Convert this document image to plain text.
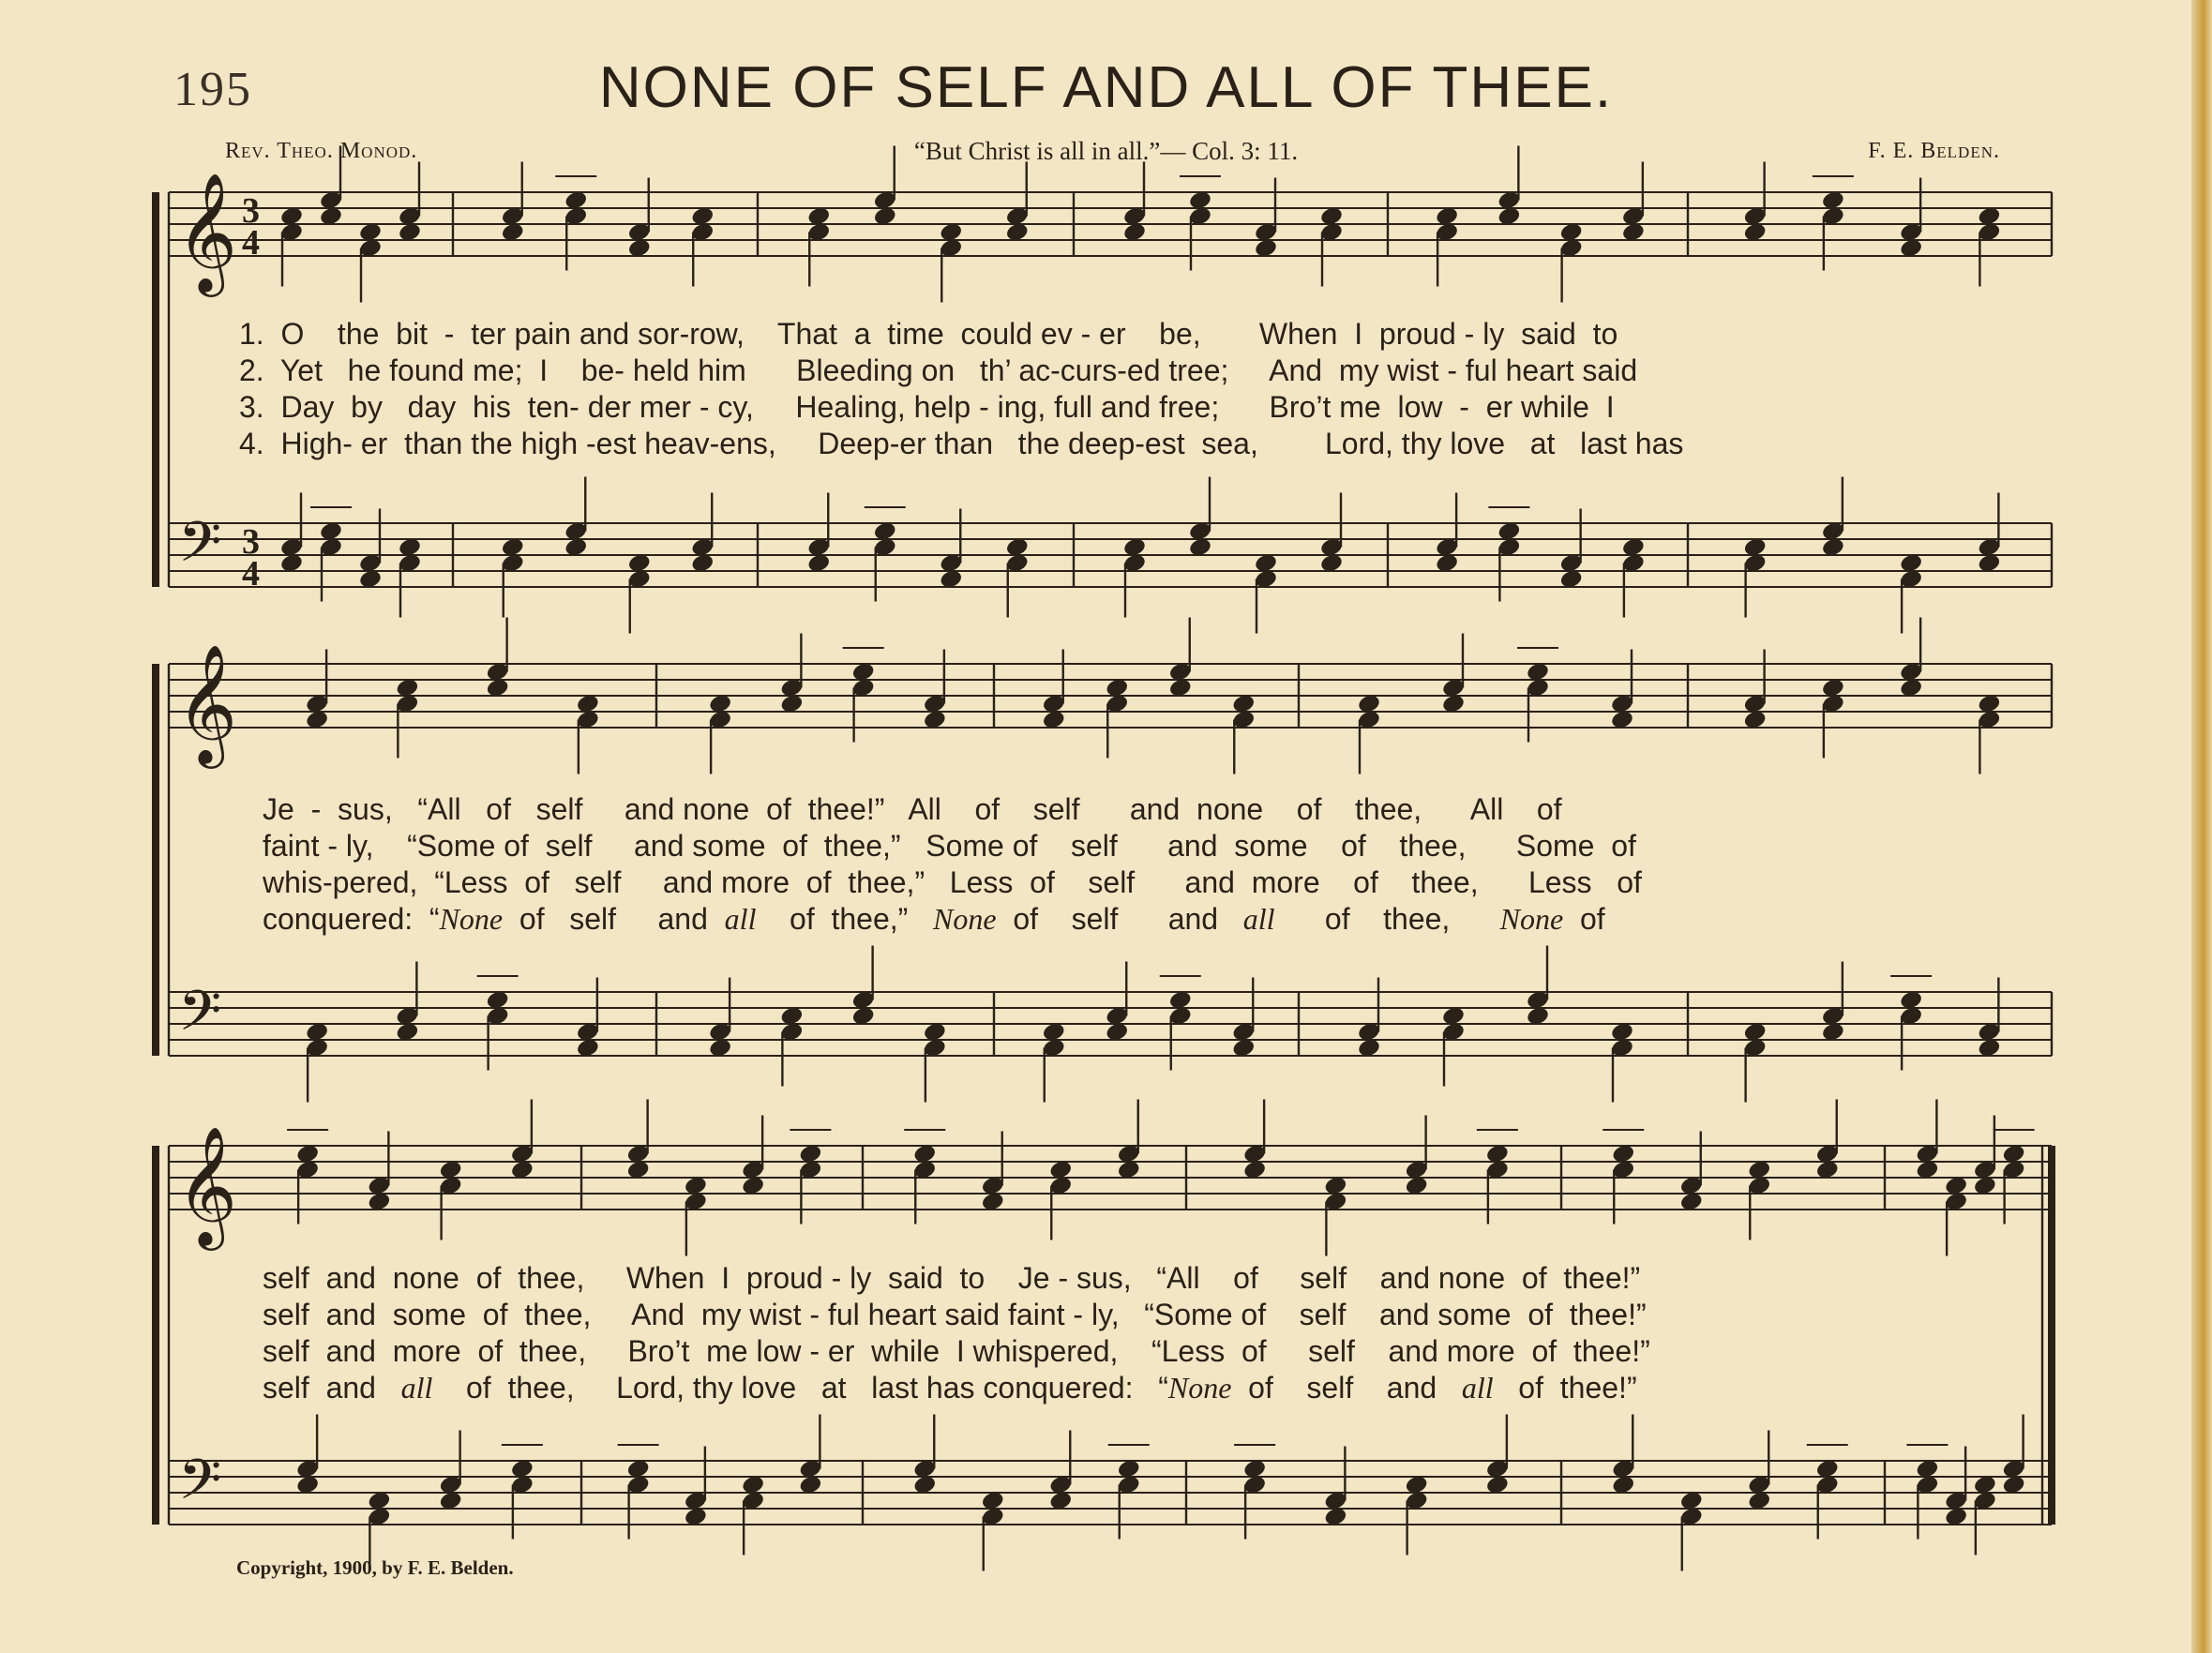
195	NONE OF SELF AND ALL OF THEE.
Rev. Theo. Monod.	“But Christ is all in all.”— Col. 3: 11.	F. E. Belden.
𝄞
𝄢
3
4
3
4
𝄞
𝄢
𝄞
𝄢
1.  O    the  bit  -  ter pain and sor-row,    That  a  time  could ev - er    be,       When  I  proud - ly  said  to
2.  Yet   he found me;  I    be- held him      Bleeding on   th’ ac-curs-ed tree;     And  my wist - ful heart said
3.  Day  by   day  his  ten- der mer - cy,     Healing, help - ing, full and free;      Bro’t me  low  -  er while  I
4.  High- er  than the high -est heav-ens,     Deep-er than   the deep-est  sea,        Lord, thy love   at   last has
Je  -  sus,   “All   of   self     and none  of  thee!”   All    of    self      and  none    of    thee,      All    of
faint - ly,    “Some of  self     and some  of  thee,”   Some of    self      and  some    of    thee,      Some  of
whis-pered,  “Less  of   self     and more  of  thee,”   Less  of    self      and  more    of    thee,      Less   of
conquered:  “None  of   self     and  all    of  thee,”   None  of    self      and   all      of    thee,      None  of
self  and  none  of  thee,     When  I  proud - ly  said  to    Je - sus,   “All    of     self    and none  of  thee!”
self  and  some  of  thee,     And  my wist - ful heart said faint - ly,   “Some of    self    and some  of  thee!”
self  and  more  of  thee,     Bro’t  me low - er  while  I whispered,    “Less  of     self    and more  of  thee!”
self  and   all    of  thee,     Lord, thy love   at   last has conquered:   “None  of    self    and   all   of  thee!”
Copyright, 1900, by F. E. Belden.
